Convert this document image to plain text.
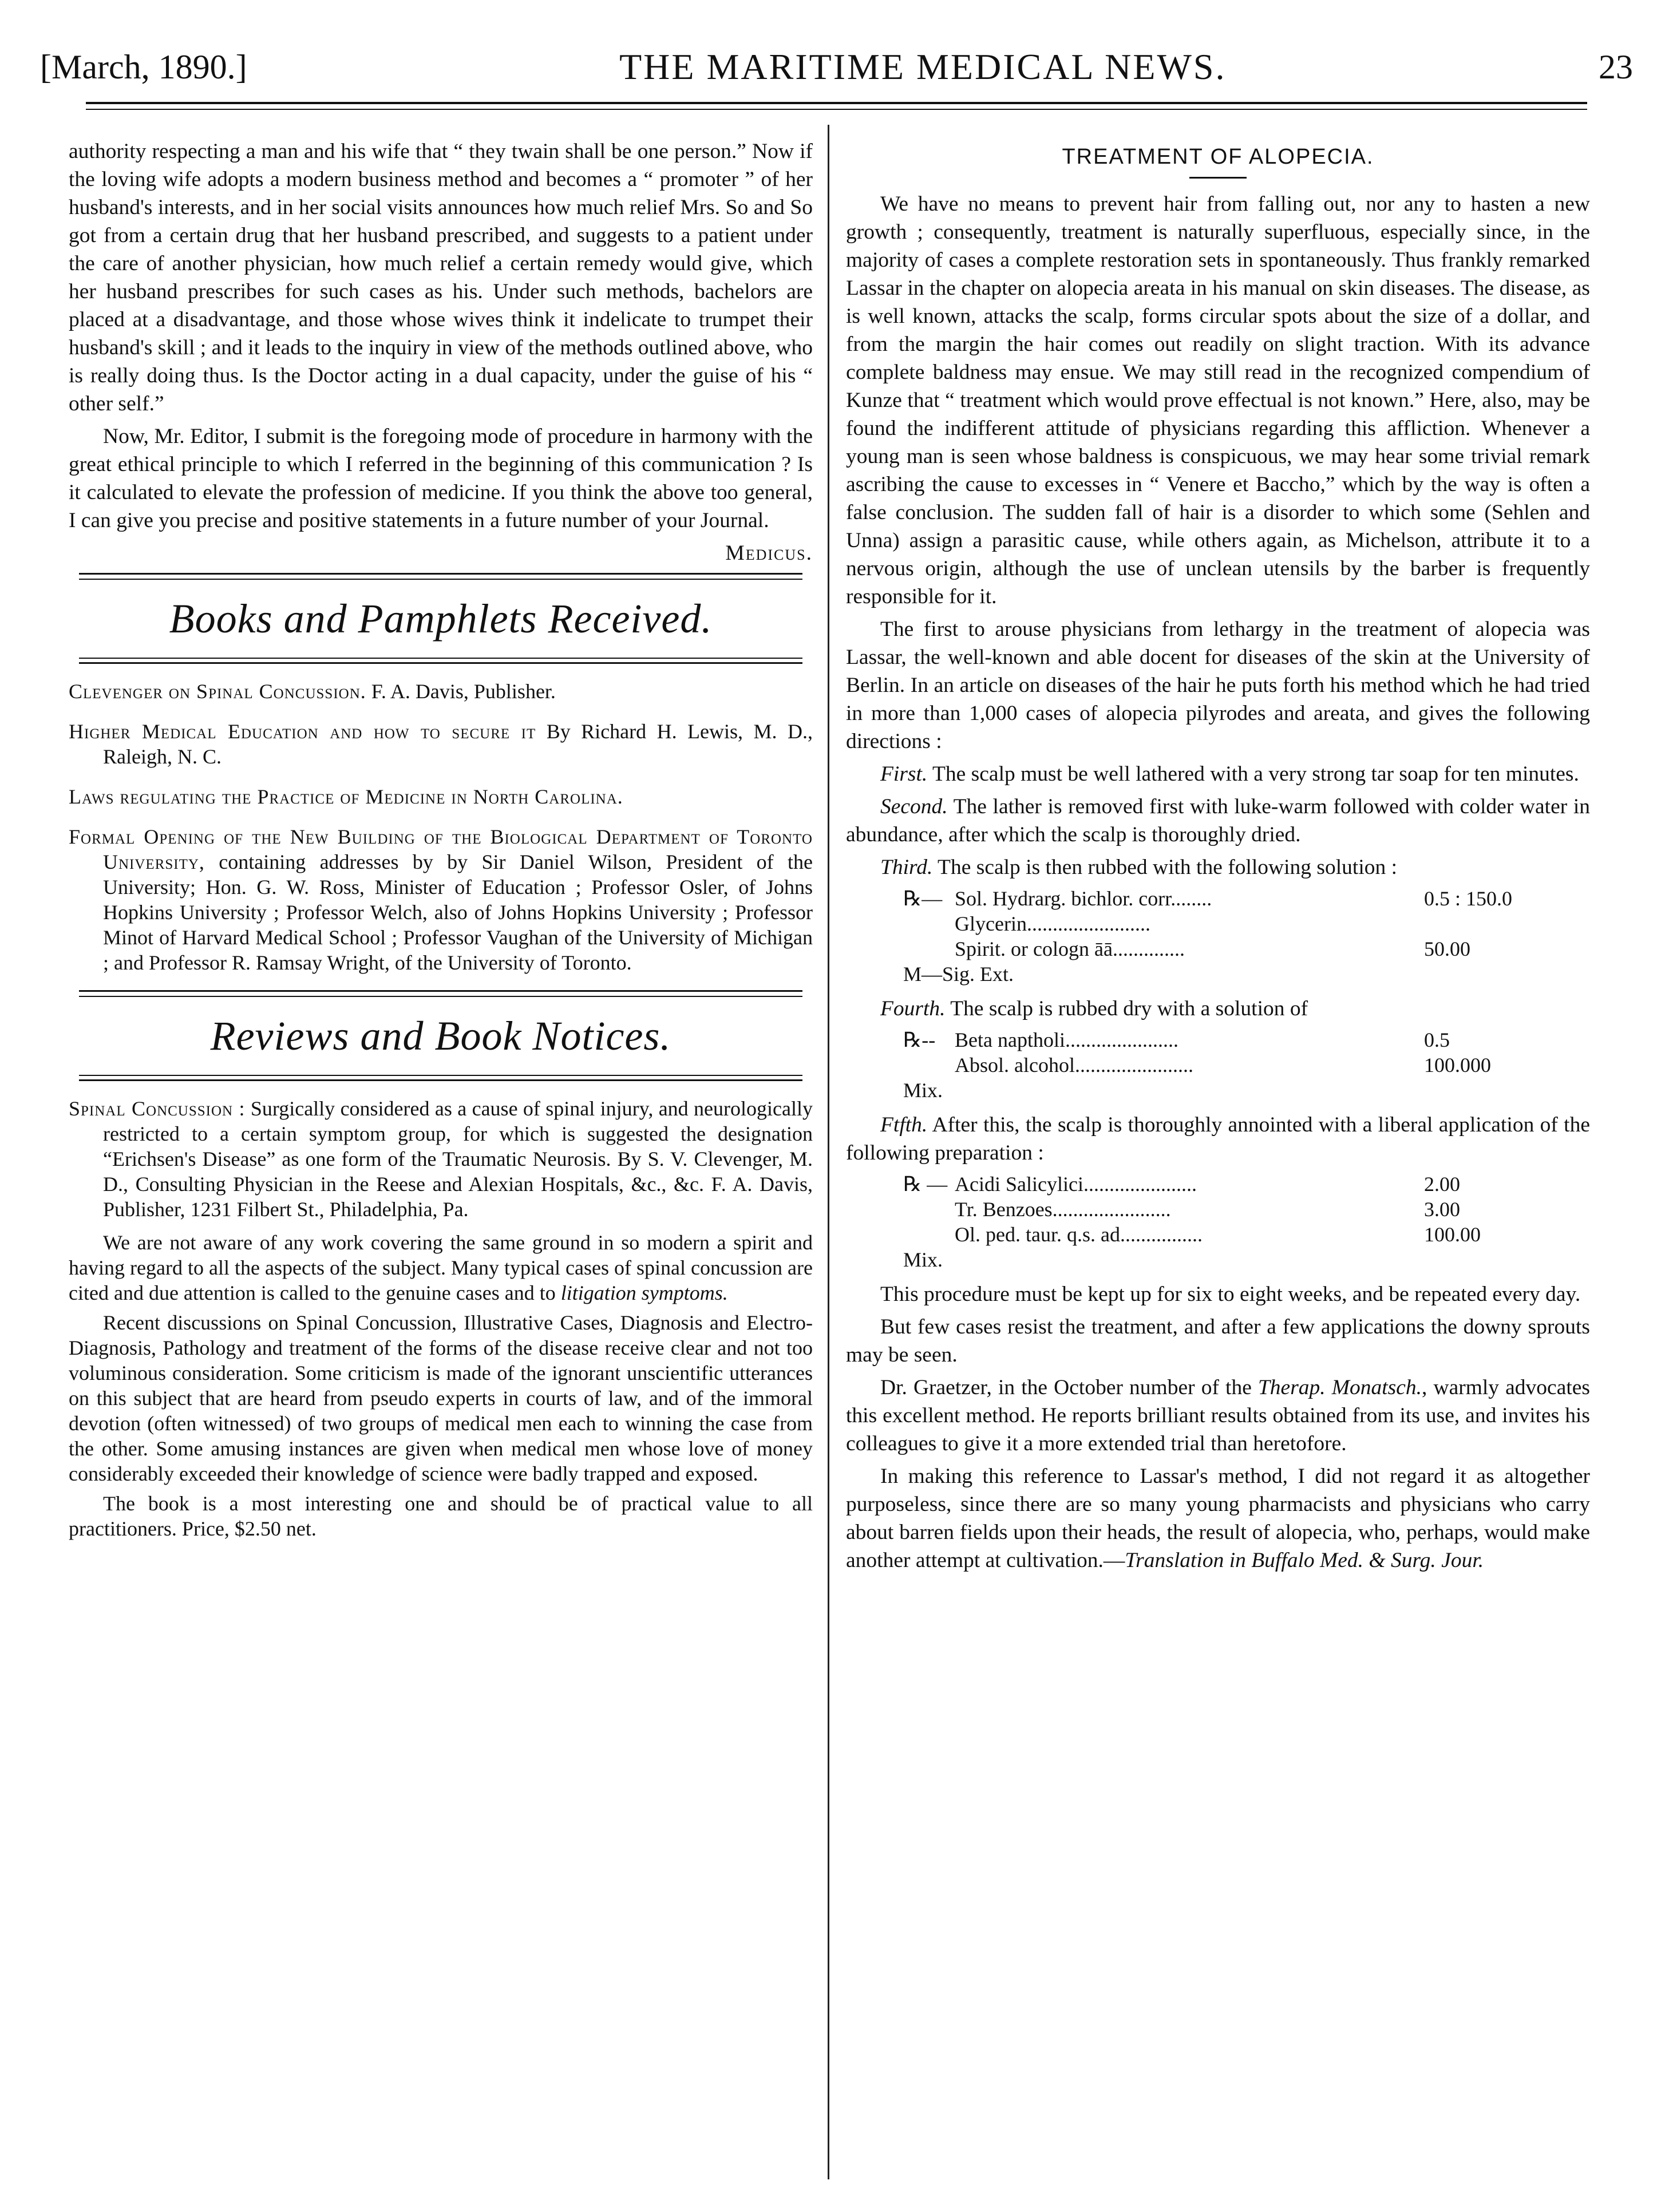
[March, 1890.]	THE MARITIME MEDICAL NEWS.	23

authority respecting a man and his wife that “ they twain shall be one person.” Now if the loving wife adopts a modern business method and becomes a “ promoter ” of her husband's interests, and in her social visits announces how much relief Mrs. So and So got from a certain drug that her husband prescribed, and suggests to a patient under the care of another physician, how much relief a certain remedy would give, which her husband prescribes for such cases as his. Under such methods, bachelors are placed at a disadvantage, and those whose wives think it indelicate to trumpet their husband's skill ; and it leads to the inquiry in view of the methods outlined above, who is really doing thus. Is the Doctor acting in a dual capacity, under the guise of his “ other self.”

Now, Mr. Editor, I submit is the foregoing mode of procedure in harmony with the great ethical principle to which I referred in the beginning of this communication ? Is it calculated to elevate the profession of medicine. If you think the above too general, I can give you precise and positive statements in a future number of your Journal.

Medicus.

Books and Pamphlets Received.
Clevenger on Spinal Concussion. F. A. Davis, Publisher.
Higher Medical Education and how to secure it By Richard H. Lewis, M. D., Raleigh, N. C.
Laws regulating the Practice of Medicine in North Carolina.
Formal Opening of the New Building of the Biological Department of Toronto University, containing addresses by by Sir Daniel Wilson, President of the University; Hon. G. W. Ross, Minister of Education ; Professor Osler, of Johns Hopkins University ; Professor Welch, also of Johns Hopkins University ; Professor Minot of Harvard Medical School ; Professor Vaughan of the University of Michigan ; and Professor R. Ramsay Wright, of the University of Toronto.
Reviews and Book Notices.
Spinal Concussion : Surgically considered as a cause of spinal injury, and neurologically restricted to a certain symptom group, for which is suggested the designation “Erichsen's Disease” as one form of the Traumatic Neurosis. By S. V. Clevenger, M. D., Consulting Physician in the Reese and Alexian Hospitals, &c., &c. F. A. Davis, Publisher, 1231 Filbert St., Philadelphia, Pa.

We are not aware of any work covering the same ground in so modern a spirit and having regard to all the aspects of the subject. Many typical cases of spinal concussion are cited and due attention is called to the genuine cases and to litigation symptoms.

Recent discussions on Spinal Concussion, Illustrative Cases, Diagnosis and Electro-Diagnosis, Pathology and treatment of the forms of the disease receive clear and not too voluminous consideration. Some criticism is made of the ignorant unscientific utterances on this subject that are heard from pseudo experts in courts of law, and of the immoral devotion (often witnessed) of two groups of medical men each to winning the case from the other. Some amusing instances are given when medical men whose love of money considerably exceeded their knowledge of science were badly trapped and exposed.

The book is a most interesting one and should be of practical value to all practitioners. Price, $2.50 net.

TREATMENT OF ALOPECIA.

We have no means to prevent hair from falling out, nor any to hasten a new growth ; consequently, treatment is naturally superfluous, especially since, in the majority of cases a complete restoration sets in spontaneously. Thus frankly remarked Lassar in the chapter on alopecia areata in his manual on skin diseases. The disease, as is well known, attacks the scalp, forms circular spots about the size of a dollar, and from the margin the hair comes out readily on slight traction. With its advance complete baldness may ensue. We may still read in the recognized compendium of Kunze that “ treatment which would prove effectual is not known.” Here, also, may be found the indifferent attitude of physicians regarding this affliction. Whenever a young man is seen whose baldness is conspicuous, we may hear some trivial remark ascribing the cause to excesses in “ Venere et Baccho,” which by the way is often a false conclusion. The sudden fall of hair is a disorder to which some (Sehlen and Unna) assign a parasitic cause, while others again, as Michelson, attribute it to a nervous origin, although the use of unclean utensils by the barber is frequently responsible for it.

The first to arouse physicians from lethargy in the treatment of alopecia was Lassar, the well-known and able docent for diseases of the skin at the University of Berlin. In an article on diseases of the hair he puts forth his method which he had tried in more than 1,000 cases of alopecia pilyrodes and areata, and gives the following directions :

First. The scalp must be well lathered with a very strong tar soap for ten minutes.

Second. The lather is removed first with luke-warm followed with colder water in abundance, after which the scalp is thoroughly dried.

Third. The scalp is then rubbed with the following solution :

℞— Sol. Hydrarg. bichlor. corr........	0.5 : 150.0
Glycerin........................
Spirit. or cologn āā..............	50.00
M—Sig. Ext.

Fourth. The scalp is rubbed dry with a solution of

℞-- Beta naptholi......................	0.5
Absol. alcohol.......................	100.000
Mix.

Ftfth. After this, the scalp is thoroughly annointed with a liberal application of the following preparation :

℞ — Acidi Salicylici......................	2.00
Tr. Benzoes.......................	3.00
Ol. ped. taur. q.s. ad................	100.00
Mix.

This procedure must be kept up for six to eight weeks, and be repeated every day.

But few cases resist the treatment, and after a few applications the downy sprouts may be seen.

Dr. Graetzer, in the October number of the Therap. Monatsch., warmly advocates this excellent method. He reports brilliant results obtained from its use, and invites his colleagues to give it a more extended trial than heretofore.

In making this reference to Lassar's method, I did not regard it as altogether purposeless, since there are so many young pharmacists and physicians who carry about barren fields upon their heads, the result of alopecia, who, perhaps, would make another attempt at cultivation.—Translation in Buffalo Med. & Surg. Jour.
